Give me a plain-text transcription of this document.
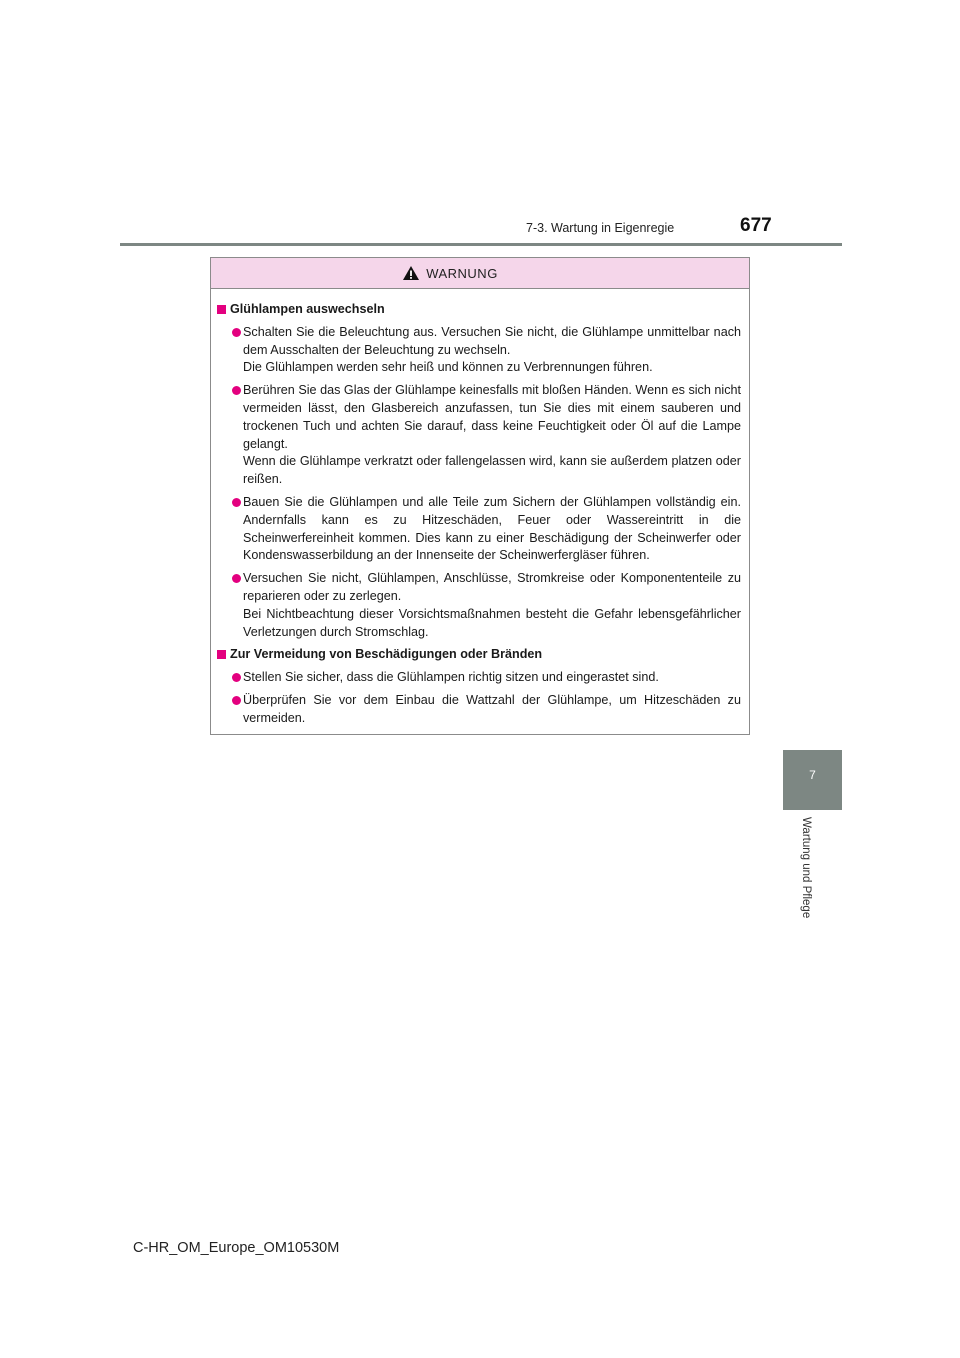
7-3. Wartung in Eigenregie	677
7
Wartung und Pflege
WARNUNG
Glühlampen auswechseln

Schalten Sie die Beleuchtung aus. Versuchen Sie nicht, die Glühlampe unmittelbar nach dem Ausschalten der Beleuchtung zu wechseln.

Die Glühlampen werden sehr heiß und können zu Verbrennungen führen.

Berühren Sie das Glas der Glühlampe keinesfalls mit bloßen Händen. Wenn es sich nicht vermeiden lässt, den Glasbereich anzufassen, tun Sie dies mit einem sauberen und trockenen Tuch und achten Sie darauf, dass keine Feuchtigkeit oder Öl auf die Lampe gelangt.

Wenn die Glühlampe verkratzt oder fallengelassen wird, kann sie außerdem platzen oder reißen.

Bauen Sie die Glühlampen und alle Teile zum Sichern der Glühlampen vollständig ein. Andernfalls kann es zu Hitzeschäden, Feuer oder Wassereintritt in die Scheinwerfereinheit kommen. Dies kann zu einer Beschädigung der Scheinwerfer oder Kondenswasserbildung an der Innenseite der Scheinwerfergläser führen.

Versuchen Sie nicht, Glühlampen, Anschlüsse, Stromkreise oder Komponententeile zu reparieren oder zu zerlegen.

Bei Nichtbeachtung dieser Vorsichtsmaßnahmen besteht die Gefahr lebensgefährlicher Verletzungen durch Stromschlag.

Zur Vermeidung von Beschädigungen oder Bränden

Stellen Sie sicher, dass die Glühlampen richtig sitzen und eingerastet sind.

Überprüfen Sie vor dem Einbau die Wattzahl der Glühlampe, um Hitzeschäden zu vermeiden.

C-HR_OM_Europe_OM10530M
